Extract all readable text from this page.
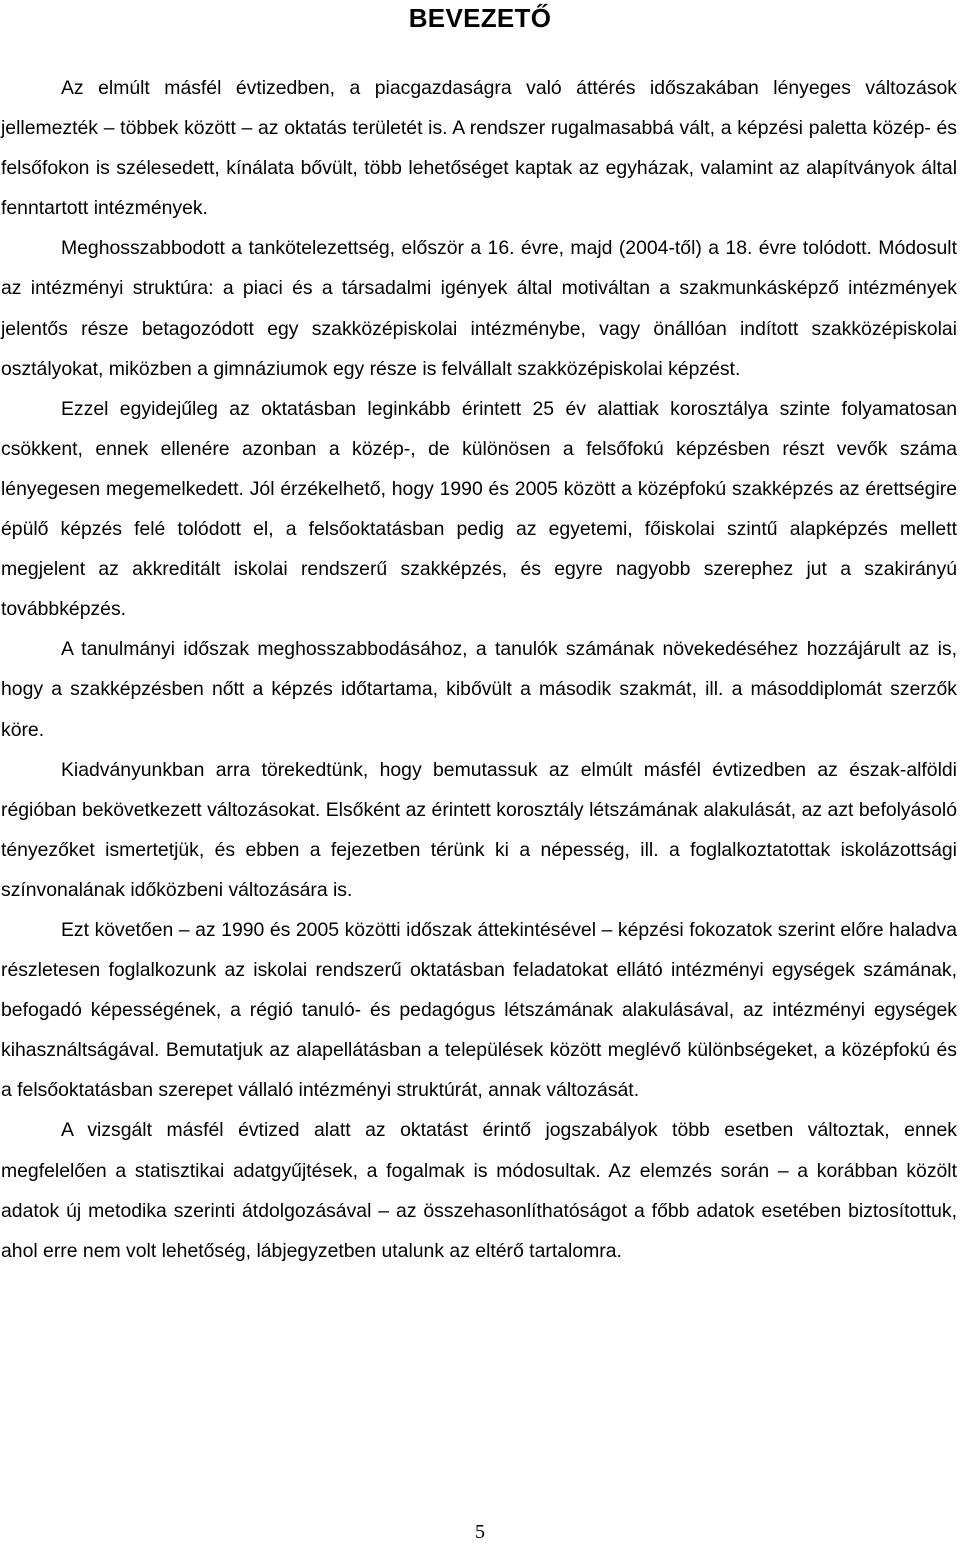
BEVEZETŐ

Az elmúlt másfél évtizedben, a piacgazdaságra való áttérés időszakában lényeges változások jellemezték – többek között – az oktatás területét is. A rendszer rugalmasabbá vált, a képzési paletta közép- és felsőfokon is szélesedett, kínálata bővült, több lehetőséget kaptak az egyházak, valamint az alapítványok által fenntartott intézmények.

Meghosszabbodott a tankötelezettség, először a 16. évre, majd (2004-től) a 18. évre tolódott. Módosult az intézményi struktúra: a piaci és a társadalmi igények által motiváltan a szakmunkásképző intézmények jelentős része betagozódott egy szakközépiskolai intézménybe, vagy önállóan indított szakközépiskolai osztályokat, miközben a gimnáziumok egy része is felvállalt szakközépiskolai képzést.

Ezzel egyidejűleg az oktatásban leginkább érintett 25 év alattiak korosztálya szinte folyamatosan csökkent, ennek ellenére azonban a közép-, de különösen a felsőfokú képzésben részt vevők száma lényegesen megemelkedett. Jól érzékelhető, hogy 1990 és 2005 között a középfokú szakképzés az érettségire épülő képzés felé tolódott el, a felsőoktatásban pedig az egyetemi, főiskolai szintű alapképzés mellett megjelent az akkreditált iskolai rendszerű szakképzés, és egyre nagyobb szerephez jut a szakirányú továbbképzés.

A tanulmányi időszak meghosszabbodásához, a tanulók számának növekedéséhez hozzájárult az is, hogy a szakképzésben nőtt a képzés időtartama, kibővült a második szakmát, ill. a másoddiplomát szerzők köre.

Kiadványunkban arra törekedtünk, hogy bemutassuk az elmúlt másfél évtizedben az észak-alföldi régióban bekövetkezett változásokat. Elsőként az érintett korosztály létszámának alakulását, az azt befolyásoló tényezőket ismertetjük, és ebben a fejezetben térünk ki a népesség, ill. a foglalkoztatottak iskolázottsági színvonalának időközbeni változására is.

Ezt követően – az 1990 és 2005 közötti időszak áttekintésével – képzési fokozatok szerint előre haladva részletesen foglalkozunk az iskolai rendszerű oktatásban feladatokat ellátó intézményi egységek számának, befogadó képességének, a régió tanuló- és pedagógus létszámának alakulásával, az intézményi egységek kihasználtságával. Bemutatjuk az alapellátásban a települések között meglévő különbségeket, a középfokú és a felsőoktatásban szerepet vállaló intézményi struktúrát, annak változását.

A vizsgált másfél évtized alatt az oktatást érintő jogszabályok több esetben változtak, ennek megfelelően a statisztikai adatgyűjtések, a fogalmak is módosultak. Az elemzés során – a korábban közölt adatok új metodika szerinti átdolgozásával – az összehasonlíthatóságot a főbb adatok esetében biztosítottuk, ahol erre nem volt lehetőség, lábjegyzetben utalunk az eltérő tartalomra.

5
